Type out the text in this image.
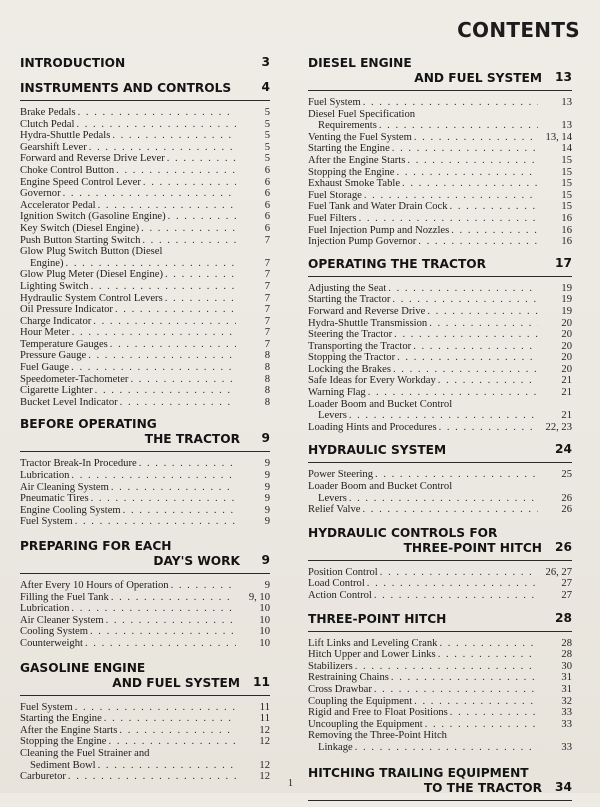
CONTENTS
INTRODUCTION	3
INSTRUMENTS AND CONTROLS 4
Brake Pedals . . .	5
Clutch Pedal . . .	5
Hydra-Shuttle Pedals . . .	5
Gearshift Lever . . .	5
Forward and Reverse Drive Lever . . .	5
Choke Control Button . . .	6
Engine Speed Control Lever . . .	6
Governor . . .	6
Accelerator Pedal . . .	6
Ignition Switch (Gasoline Engine) . . .	6
Key Switch (Diesel Engine) . . .	6
Push Button Starting Switch . . .	7
Glow Plug Switch Button (Diesel
Engine) . . .	7
Glow Plug Meter (Diesel Engine) . . .	7
Lighting Switch . . .	7
Hydraulic System Control Levers . . .	7
Oil Pressure Indicator . . .	7
Charge Indicator . . .	7
Hour Meter . . .	7
Temperature Gauges . . .	7
Pressure Gauge . . .	8
Fuel Gauge . . .	8
Speedometer-Tachometer . . .	8
Cigarette Lighter . . .	8
Bucket Level Indicator . . .	8
BEFORE OPERATING
THE TRACTOR	9
Tractor Break-In Procedure . . .	9
Lubrication . . .	9
Air Cleaning System . . .	9
Pneumatic Tires . . .	9
Engine Cooling System . . .	9
Fuel System . . .	9
PREPARING FOR EACH
DAY'S WORK	9
After Every 10 Hours of Operation . . .	9
Filling the Fuel Tank . . .	9, 10
Lubrication . . .	10
Air Cleaner System . . .	10
Cooling System . . .	10
Counterweight . . .	10
GASOLINE ENGINE
AND FUEL SYSTEM	11
Fuel System . . .	11
Starting the Engine . . .	11
After the Engine Starts . . .	12
Stopping the Engine . . .	12
Cleaning the Fuel Strainer and
Sediment Bowl . . .	12
Carburetor . . .	12
DIESEL ENGINE
AND FUEL SYSTEM	13
Fuel System . . .	13
Diesel Fuel Specification
Requirements . . .	13
Venting the Fuel System . . .	13, 14
Starting the Engine . . .	14
After the Engine Starts . . .	15
Stopping the Engine . . .	15
Exhaust Smoke Table . . .	15
Fuel Storage . . .	15
Fuel Tank and Water Drain Cock . . .	15
Fuel Filters . . .	16
Fuel Injection Pump and Nozzles . . .	16
Injection Pump Governor . . .	16
OPERATING THE TRACTOR	17
Adjusting the Seat . . .	19
Starting the Tractor . . .	19
Forward and Reverse Drive . . .	19
Hydra-Shuttle Transmission . . .	20
Steering the Tractor . . .	20
Transporting the Tractor . . .	20
Stopping the Tractor . . .	20
Locking the Brakes . . .	20
Safe Ideas for Every Workday . . .	21
Warning Flag . . .	21
Loader Boom and Bucket Control
Levers . . .	21
Loading Hints and Procedures . . .	22, 23
HYDRAULIC SYSTEM	24
Power Steering . . .	25
Loader Boom and Bucket Control
Levers . . .	26
Relief Valve . . .	26
HYDRAULIC CONTROLS FOR
THREE-POINT HITCH	26
Position Control . . .	26, 27
Load Control . . .	27
Action Control . . .	27
THREE-POINT HITCH	28
Lift Links and Leveling Crank . . .	28
Hitch Upper and Lower Links . . .	28
Stabilizers . . .	30
Restraining Chains . . .	31
Cross Drawbar . . .	31
Coupling the Equipment . . .	32
Rigid and Free to Float Positions . . .	33
Uncoupling the Equipment . . .	33
Removing the Three-Point Hitch
Linkage . . .	33
HITCHING TRAILING EQUIPMENT
TO THE TRACTOR	34
1
